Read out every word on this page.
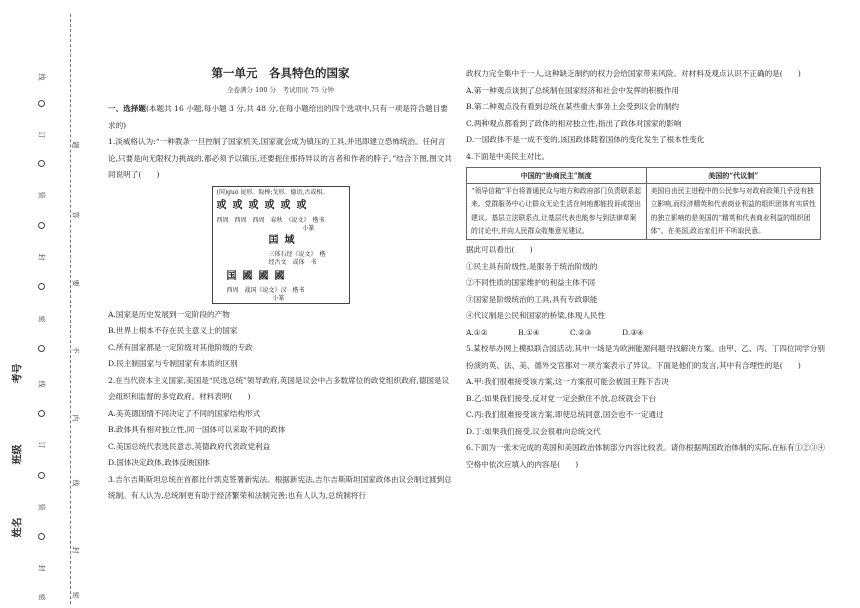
线
订
装
封
密
线
订
装
封
密
题
答
要
不
内
线
封
密
考号
班级
姓名
第一单元　各具特色的国家
全卷满分 100 分　考试用时 75 分钟

一、选择题(本题共 16 小题,每小题 3 分,共 48 分,在每小题给出的四个选项中,只有一项是符合题目要求的)

1.淡威格认为:“一种教条一旦控制了国家机关,国家就会成为镇压的工具,并迅即建立恐怖统治。任何言论,只要是向无限权力挑战的,都必须予以镇压,还要扼住那持异议的言者和作者的脖子。”结合下图,图文共同说明了(　　)

(国)guó 昆形。取棒:戈形。德语,古或相。
或 或 或 或 或 或
西周　西周　西周　春秋　《说文》　楷书
小篆
囯 域
三体石经《说文》　楷
经古文　或体　书
国 國 國 國
西周　战国《说文》汉　楷书
小篆

A.国家是历史发展到一定阶段的产物

B.世界上根本不存在民主意义上的国家

C.所有国家都是一定阶级对其他阶级的专政

D.民主制国家与专制国家有本质的区别

2.在当代资本主义国家,美国是“民选总统”领导政府,英国是议会中占多数席位的政党组织政府,德国是议会组织和监督的多党政府。材料表明(　　)

A.美英德国情不同决定了不同的国家结构形式

B.政体具有相对独立性,同一国体可以采取不同的政体

C.美国总统代表选民意志,英德政府代表政党利益

D.国体决定政体,政体反映国体

3.吉尔吉斯斯坦总统在首都比什凯克签署新宪法。根据新宪法,吉尔吉斯斯坦国家政体由议会制过渡到总统制。有人认为,总统制更有助于经济繁荣和法制完善;也有人认为,总统制将行

政权力完全集中于一人,这种缺乏制约的权力会给国家带来风险。对材料及观点认识不正确的是(　　)

A.第一种观点谈到了总统制在国家经济和社会中发挥的积极作用

B.第二种观点没有看到总统在某些重大事务上会受到议会的制约

C.两种观点都看到了政体的相对独立性,指出了政体对国家的影响

D.一国政体不是一成不变的,该国政体随着国体的变化发生了根本性变化

4.下面是中美民主对比。

中国的“协商民主”制度	美国的“代议制”
“领导信箱”平台将普通民众与地方和政府部门负责联系起来。党群服务中心让群众无论生活在何地都能投诉或提出建议。基层立法联系点,让基层代表也能参与到法律草案的讨论中,并向人民群众收集意见建议。	美国自由民主进程中的公民参与对政府政策几乎没有独立影响,而经济精英和代表商业利益的组织团体有实质性的独立影响的是美国的“精英和代表商业利益的组织团体”。在美国,政治家们并不听取民意。

据此可以看出(　　)

①民主具有阶级性,是服务于统治阶级的

②不同性质的国家维护的利益主体不同

③国家是阶级统治的工具,具有专政职能

④代议制是公民和国家的桥梁,体现人民性

A.①②	B.①④	C.②③	D.③④

5.某校举办网上模拟联合国活动,其中一场是为欧洲能源问题寻找解决方案。由甲、乙、丙、丁四位同学分别扮演的英、法、美、德外交官都对一项方案表示了异议。下面是他们的发言,其中有合理性的是(　　)

A.甲:我们很难接受该方案,这一方案很可能会被国王陛下否决

B.乙:如果我们接受,反对党一定会掀住不放,总统就会下台

C.丙:我们很难接受该方案,即使总统同意,国会也不一定通过

D.丁:如果我们接受,议会很难向总统交代

6.下面为一张未完成的英国和美国政治体制部分内容比较表。请你根据两国政治体制的实际,在标有①②③④空格中依次应填入的内容是(　　)
